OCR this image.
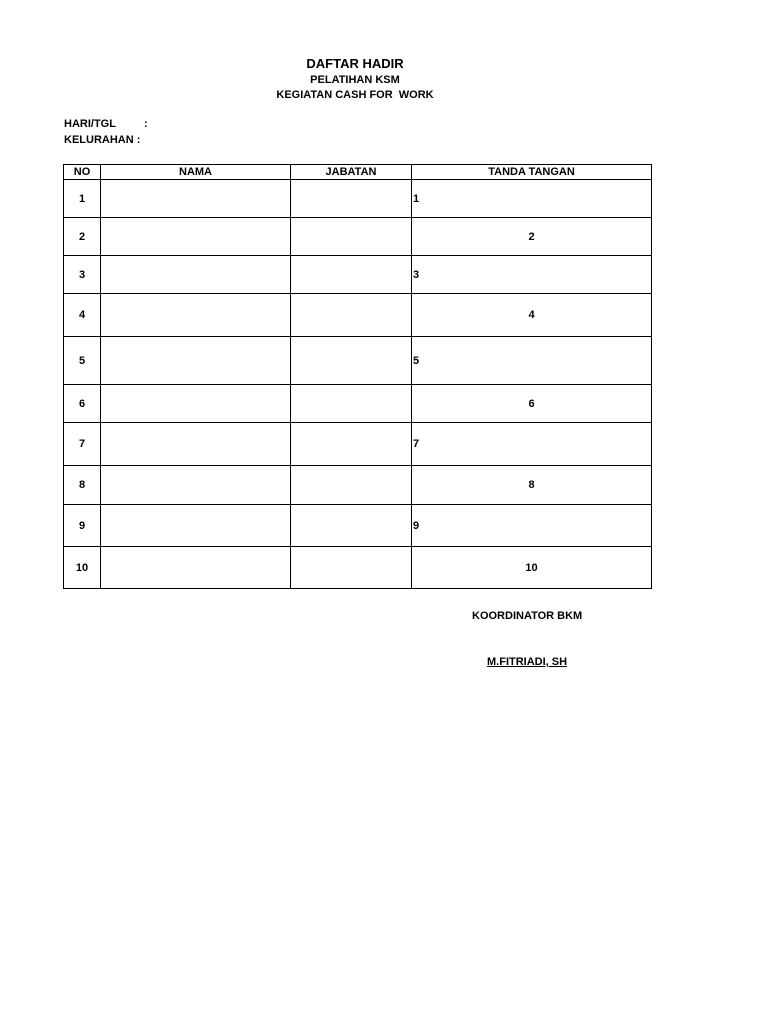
DAFTAR HADIR
PELATIHAN KSM
KEGIATAN CASH FOR  WORK
HARI/TGL	:
KELURAHAN :
NO	NAMA	JABATAN	TANDA TANGAN
1			1

2			2

3			3

4			4

5			5

6			6

7			7

8			8

9			9

10			10
KOORDINATOR BKM
M.FITRIADI, SH
